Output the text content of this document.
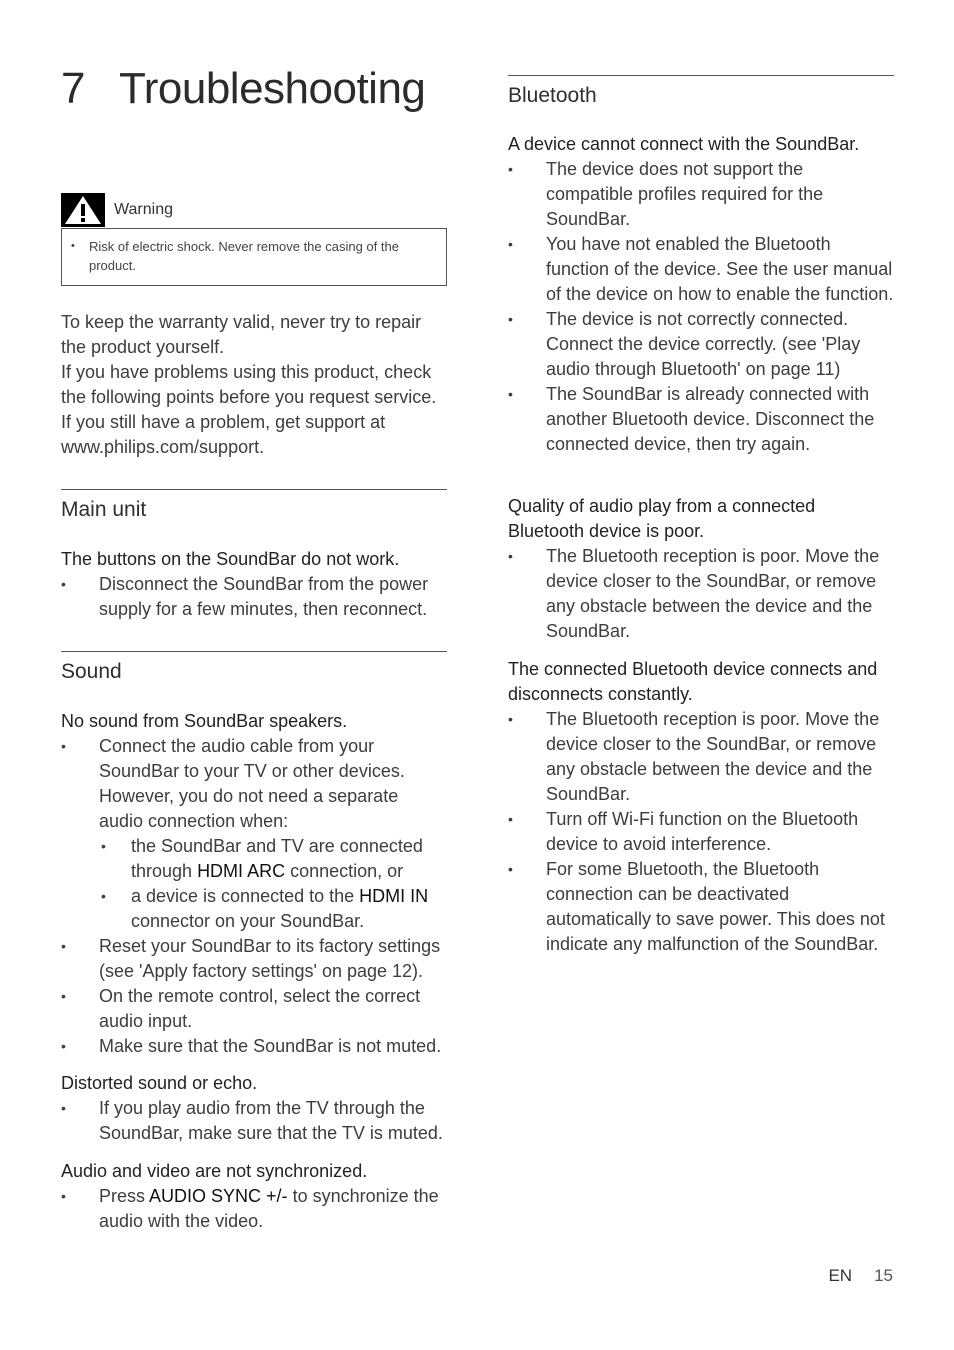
7 Troubleshooting
Warning
•	Risk of electric shock. Never remove the casing of the product.

To keep the warranty valid, never try to repair the product yourself.

If you have problems using this product, check the following points before you request service. If you still have a problem, get support at www.philips.com/support.

Main unit

The buttons on the SoundBar do not work.

• Disconnect the SoundBar from the power supply for a few minutes, then reconnect.
Sound

No sound from SoundBar speakers.

• Connect the audio cable from your SoundBar to your TV or other devices. However, you do not need a separate audio connection when:
• the SoundBar and TV are connected through HDMI ARC connection, or
• a device is connected to the HDMI IN connector on your SoundBar.
• Reset your SoundBar to its factory settings (see 'Apply factory settings' on page 12).
• On the remote control, select the correct audio input.
• Make sure that the SoundBar is not muted.

Distorted sound or echo.

• If you play audio from the TV through the SoundBar, make sure that the TV is muted.

Audio and video are not synchronized.

• Press AUDIO SYNC +/- to synchronize the audio with the video.
Bluetooth

A device cannot connect with the SoundBar.

• The device does not support the compatible profiles required for the SoundBar.
• You have not enabled the Bluetooth function of the device. See the user manual of the device on how to enable the function.
• The device is not correctly connected. Connect the device correctly. (see 'Play audio through Bluetooth' on page 11)
• The SoundBar is already connected with another Bluetooth device. Disconnect the connected device, then try again.

Quality of audio play from a connected Bluetooth device is poor.

• The Bluetooth reception is poor. Move the device closer to the SoundBar, or remove any obstacle between the device and the SoundBar.

The connected Bluetooth device connects and disconnects constantly.

• The Bluetooth reception is poor. Move the device closer to the SoundBar, or remove any obstacle between the device and the SoundBar.
• Turn off Wi-Fi function on the Bluetooth device to avoid interference.
• For some Bluetooth, the Bluetooth connection can be deactivated automatically to save power. This does not indicate any malfunction of the SoundBar.
EN 15
